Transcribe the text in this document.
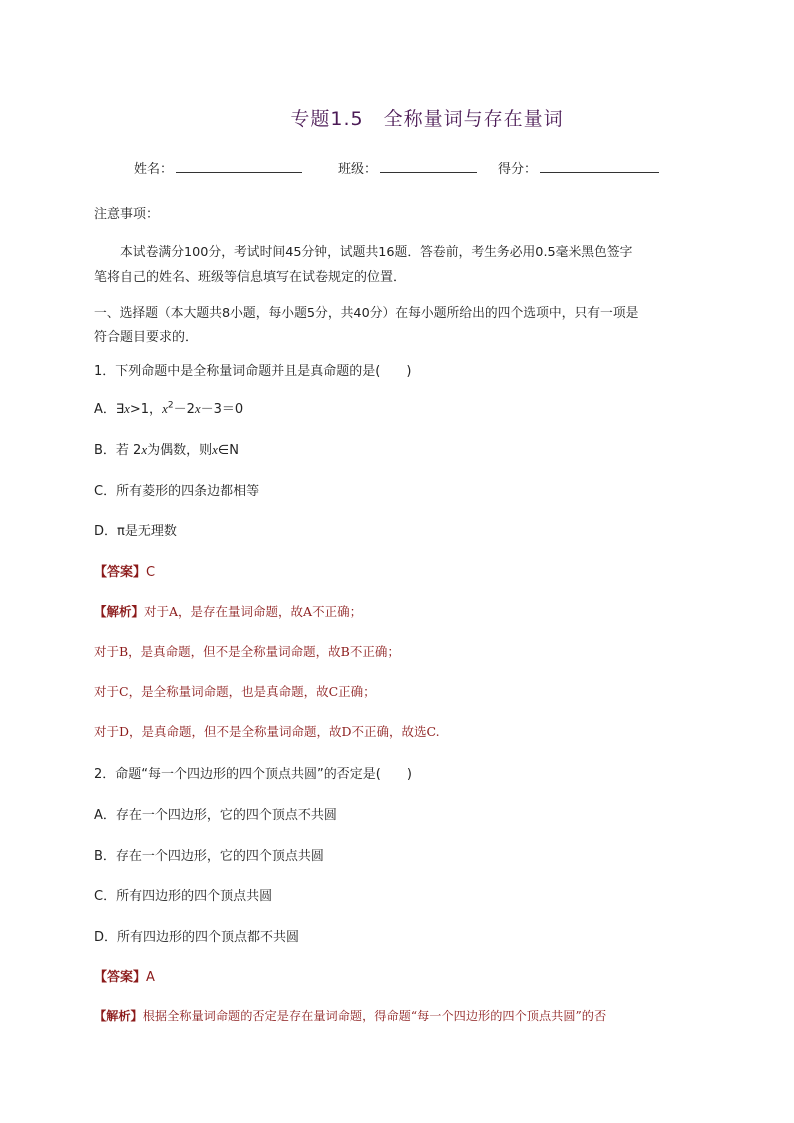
专题1.5　全称量词与存在量词
姓名：	班级：	得分：
注意事项：
本试卷满分100分，考试时间45分钟，试题共16题．答卷前，考生务必用0.5毫米黑色签字
笔将自己的姓名、班级等信息填写在试卷规定的位置．
一、选择题（本大题共8小题，每小题5分，共40分）在每小题所给出的四个选项中，只有一项是
符合题目要求的．
1．下列命题中是全称量词命题并且是真命题的是(　　)
A．∃x>1，$x^2-2x-3=0$
B．若 2x为偶数，则x∈N
C．所有菱形的四条边都相等
D．π是无理数
【答案】C
【解析】对于A，是存在量词命题，故A不正确；
对于B，是真命题，但不是全称量词命题，故B不正确；
对于C，是全称量词命题，也是真命题，故C正确；
对于D，是真命题，但不是全称量词命题，故D不正确，故选C.
2．命题“每一个四边形的四个顶点共圆”的否定是(　　)
A．存在一个四边形，它的四个顶点不共圆
B．存在一个四边形，它的四个顶点共圆
C．所有四边形的四个顶点共圆
D．所有四边形的四个顶点都不共圆
【答案】A
【解析】根据全称量词命题的否定是存在量词命题，得命题“每一个四边形的四个顶点共圆”的否
